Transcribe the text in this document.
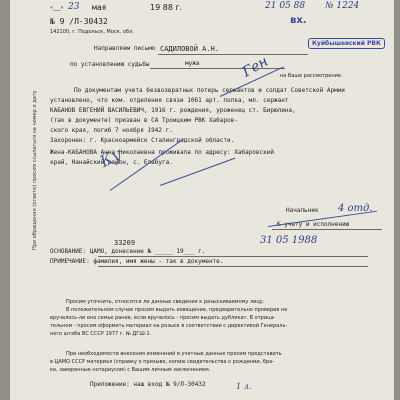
«___» 23 мая	19 88 г.
№ 9 /Л-30432
142100, г. Подольск, Моск. обл.
21 05 88 № 1224
вх.
Куйбышевский РВК
Направляем письмо САДИЛОВОЙ А.Н.
по установлению судьбы	мужа
на Ваше рассмотрение.
По документам учета безвозвратных потерь сержантов и солдат Советской Армии
установлено, что ком. отделения связи 1061 арт. полка, мл. сержант
КАБАНОВ ЕВГЕНИЙ ВАСИЛЬЕВИЧ, 1916 г. рождения, уроженец ст. Бирюлина,
(так в документе) призван в СА Троицким РВК Хабаров-
ского края, погиб 7 ноября 1942 г.
Захоронен: г. Красноармейск Сталинградской области.
Жена-КАБАНОВА Анна Николаевна проживала по адресу: Хабаровский
край, Нанайский район, с. Елабуга.
Ген
Ку
Начальник 4 отд.
К учету и исполнению
33209	31 05 1988
ОСНОВАНИЕ: ЦАМО, донесение № _____ 19___ г.
ПРИМЕЧАНИЕ: фамилия, имя жены - так в документе.
Просим уточнить, относятся ли данные сведения к разыскиваемому лицу.
В положительном случае просим выдать извещение, предварительно проверив не
вручалось-ли оно семье ранее, если вручалось - просим выдать дубликат. В отрица-
тельном - просим оформить материал на розыск в соответствии с директивой Генераль-
ного штаба ВС СССР 1977 г. № ДГШ-1.
При необходимости внесения изменений в учетные данные просим представить
в ЦАМО СССР материал (справку о призыве, копию свидетельства о рождении, бра-
ке, заверенные нотариусом) с Вашим личным заключением.
Приложение: наш вход № 9/Л-30432	1 л.
При обращении (ответе) просим ссылаться на номер и дату
